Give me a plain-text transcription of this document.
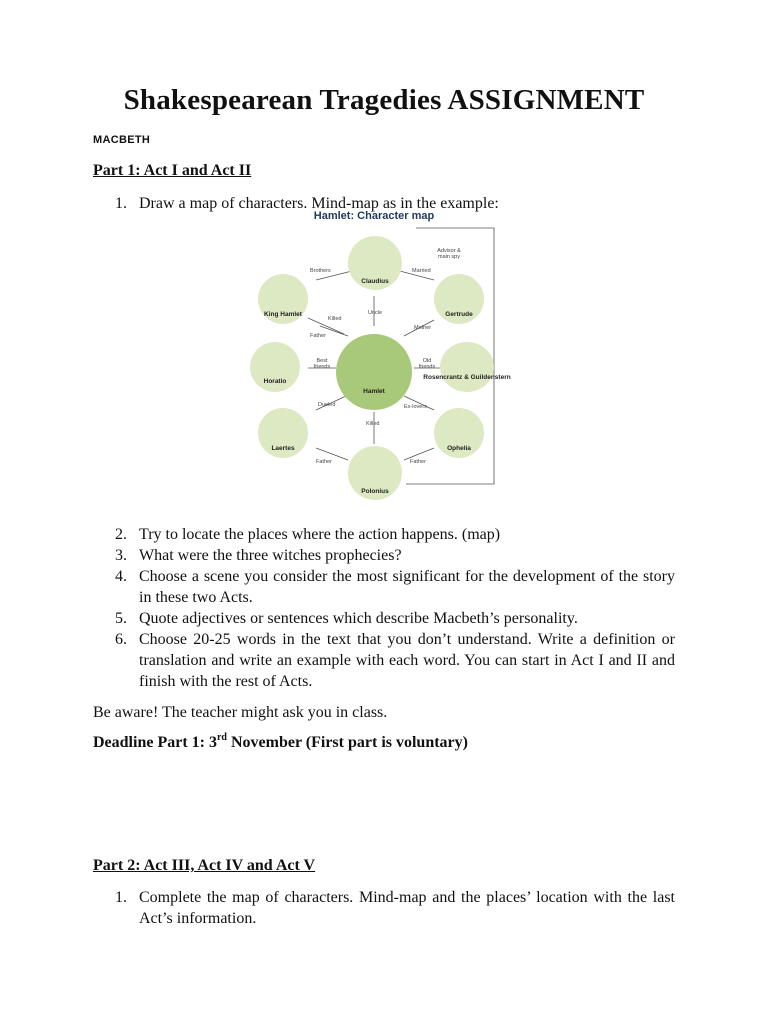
Shakespearean Tragedies ASSIGNMENT
MACBETH
Part 1: Act I and Act II
1. Draw a map of characters. Mind-map as in the example:
Hamlet: Character map
Claudius
King Hamlet	Gertrude
Horatio
Hamlet
Rosencrantz & Guildenstern
Laertes	Ophelia
Polonius
Brothers	Married
Advisor & main spy
Killed
Uncle
Father
Mother
Best friends
Old friends
Dueled	Ex-lovers
Killed
Father	Father
2. Try to locate the places where the action happens. (map)
3. What were the three witches prophecies?
4. Choose a scene you consider the most significant for the development of the story in these two Acts.
5. Quote adjectives or sentences which describe Macbeth’s personality.
6. Choose 20-25 words in the text that you don’t understand. Write a definition or translation and write an example with each word. You can start in Act I and II and finish with the rest of Acts.
Be aware! The teacher might ask you in class.
Deadline Part 1: 3rd November (First part is voluntary)
Part 2: Act III, Act IV and Act V
1. Complete the map of characters. Mind-map and the places’ location with the last Act’s information.
